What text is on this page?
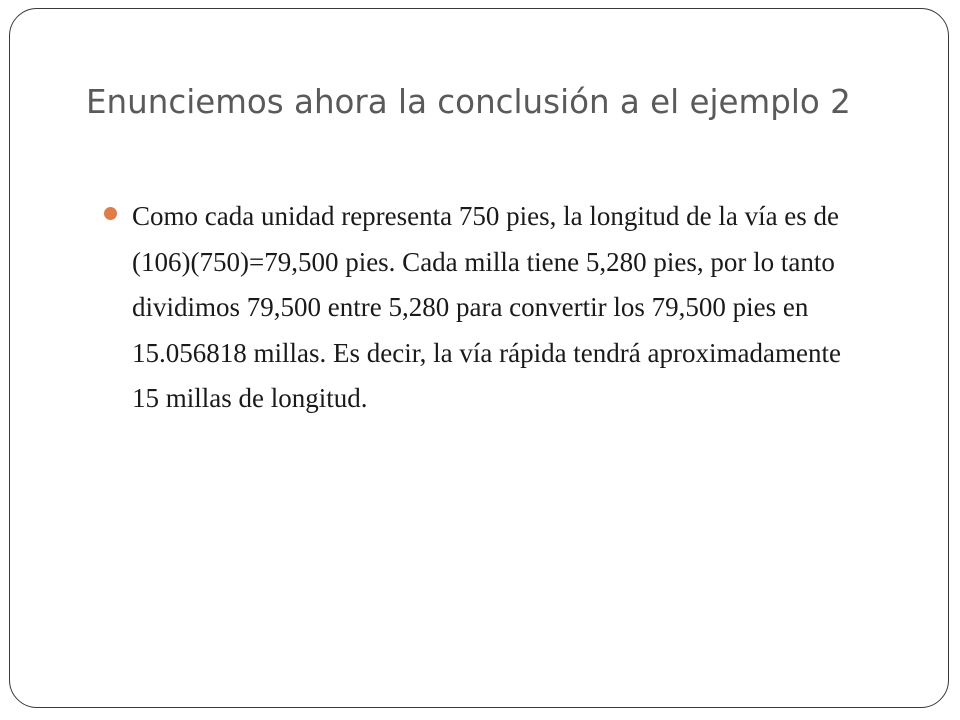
Enunciemos ahora la conclusión a el ejemplo 2
Como cada unidad representa 750 pies, la longitud de la vía es de (106)(750)=79,500 pies. Cada milla tiene 5,280 pies, por lo tanto dividimos 79,500 entre 5,280 para convertir los 79,500 pies en 15.056818 millas. Es decir, la vía rápida tendrá aproximadamente 15 millas de longitud.
